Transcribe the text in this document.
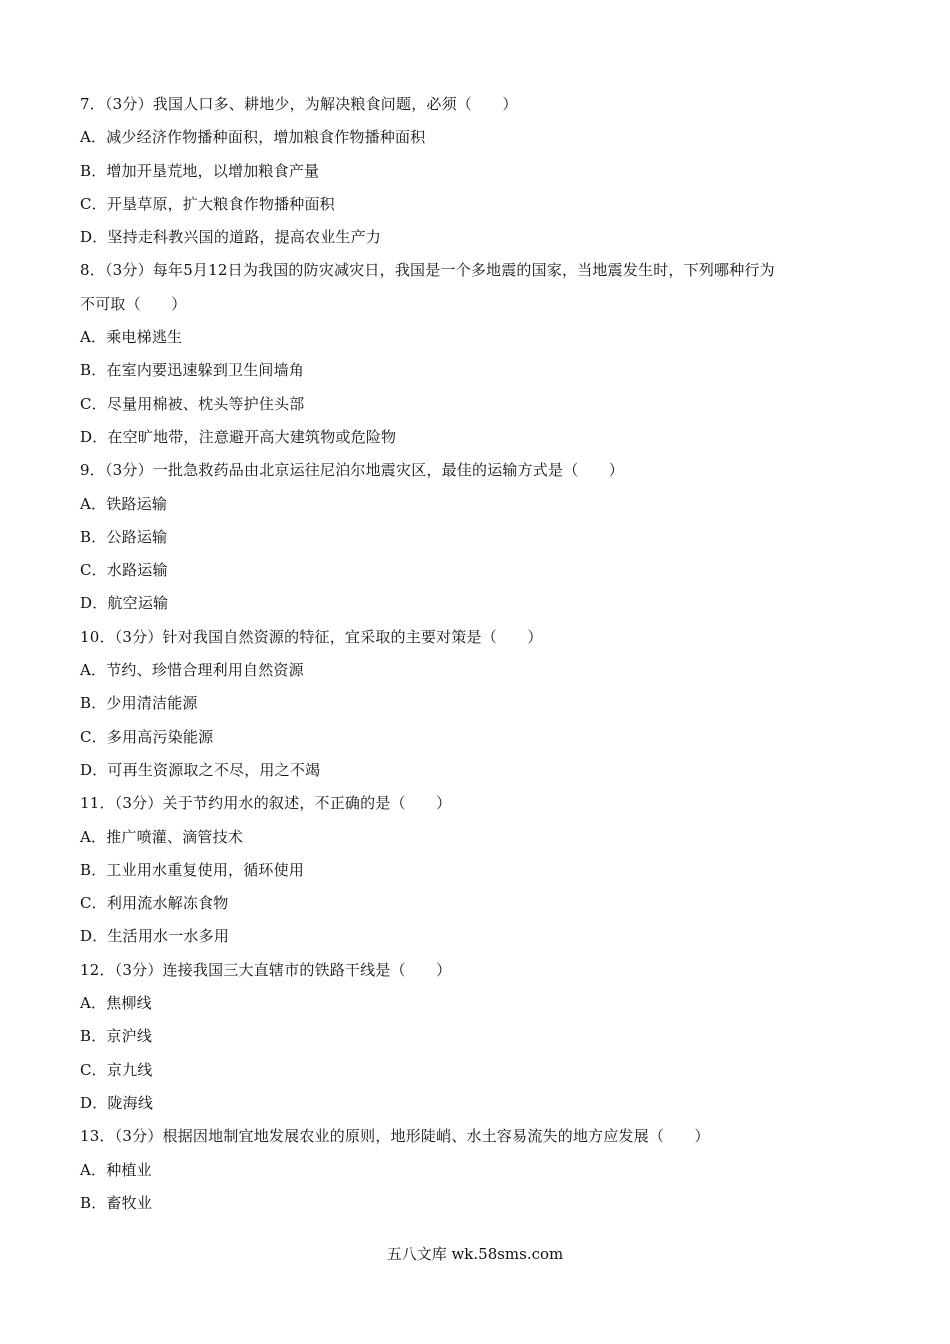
7．（3分）我国人口多、耕地少，为解决粮食问题，必须（　　）
A．减少经济作物播种面积，增加粮食作物播种面积
B．增加开垦荒地，以增加粮食产量
C．开垦草原，扩大粮食作物播种面积
D．坚持走科教兴国的道路，提高农业生产力
8．（3分）每年5月12日为我国的防灾减灾日，我国是一个多地震的国家，当地震发生时，下列哪种行为
不可取（　　）
A．乘电梯逃生
B．在室内要迅速躲到卫生间墙角
C．尽量用棉被、枕头等护住头部
D．在空旷地带，注意避开高大建筑物或危险物
9．（3分）一批急救药品由北京运往尼泊尔地震灾区，最佳的运输方式是（　　）
A．铁路运输
B．公路运输
C．水路运输
D．航空运输
10．（3分）针对我国自然资源的特征，宜采取的主要对策是（　　）
A．节约、珍惜合理利用自然资源
B．少用清洁能源
C．多用高污染能源
D．可再生资源取之不尽，用之不竭
11．（3分）关于节约用水的叙述，不正确的是（　　）
A．推广喷灌、滴管技术
B．工业用水重复使用，循环使用
C．利用流水解冻食物
D．生活用水一水多用
12．（3分）连接我国三大直辖市的铁路干线是（　　）
A．焦柳线
B．京沪线
C．京九线
D．陇海线
13．（3分）根据因地制宜地发展农业的原则，地形陡峭、水土容易流失的地方应发展（　　）
A．种植业
B．畜牧业
五八文库 wk.58sms.com
